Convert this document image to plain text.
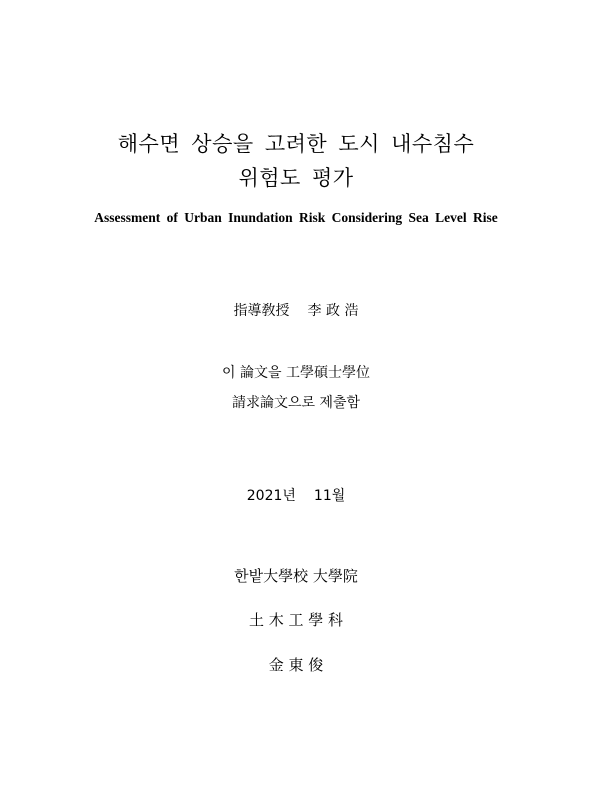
해수면 상승을 고려한 도시 내수침수
위험도 평가
Assessment of Urban Inundation Risk Considering Sea Level Rise
指導敎授 李 政 浩
이 論文을 工學碩士學位
請求論文으로 제출함
2021년 11월
한밭大學校 大學院
土 木 工 學 科
金 東 俊
